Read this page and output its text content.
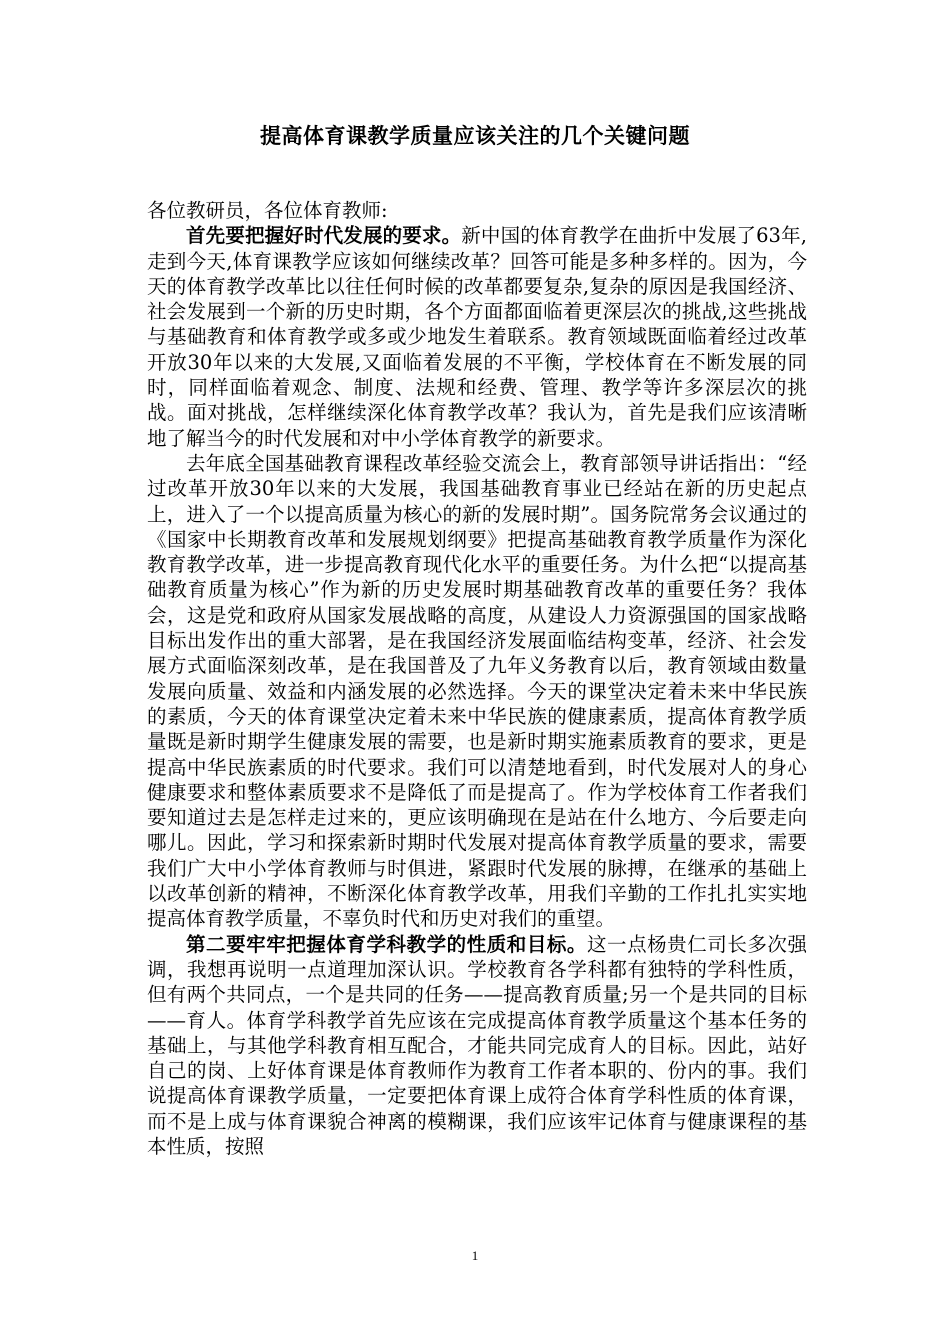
提高体育课教学质量应该关注的几个关键问题

各位教研员，各位体育教师:

首先要把握好时代发展的要求。新中国的体育教学在曲折中发展了63年,走到今天,体育课教学应该如何继续改革？回答可能是多种多样的。因为，今天的体育教学改革比以往任何时候的改革都要复杂,复杂的原因是我国经济、社会发展到一个新的历史时期，各个方面都面临着更深层次的挑战,这些挑战与基础教育和体育教学或多或少地发生着联系。教育领域既面临着经过改革开放30年以来的大发展,又面临着发展的不平衡，学校体育在不断发展的同时，同样面临着观念、制度、法规和经费、管理、教学等许多深层次的挑战。面对挑战，怎样继续深化体育教学改革？我认为，首先是我们应该清晰地了解当今的时代发展和对中小学体育教学的新要求。

去年底全国基础教育课程改革经验交流会上，教育部领导讲话指出：“经过改革开放30年以来的大发展，我国基础教育事业已经站在新的历史起点上，进入了一个以提高质量为核心的新的发展时期”。国务院常务会议通过的《国家中长期教育改革和发展规划纲要》把提高基础教育教学质量作为深化教育教学改革，进一步提高教育现代化水平的重要任务。为什么把“以提高基础教育质量为核心”作为新的历史发展时期基础教育改革的重要任务？我体会，这是党和政府从国家发展战略的高度，从建设人力资源强国的国家战略目标出发作出的重大部署，是在我国经济发展面临结构变革，经济、社会发展方式面临深刻改革，是在我国普及了九年义务教育以后，教育领域由数量发展向质量、效益和内涵发展的必然选择。今天的课堂决定着未来中华民族的素质，今天的体育课堂决定着未来中华民族的健康素质，提高体育教学质量既是新时期学生健康发展的需要，也是新时期实施素质教育的要求，更是提高中华民族素质的时代要求。我们可以清楚地看到，时代发展对人的身心健康要求和整体素质要求不是降低了而是提高了。作为学校体育工作者我们要知道过去是怎样走过来的，更应该明确现在是站在什么地方、今后要走向哪儿。因此，学习和探索新时期时代发展对提高体育教学质量的要求，需要我们广大中小学体育教师与时俱进，紧跟时代发展的脉搏，在继承的基础上以改革创新的精神，不断深化体育教学改革，用我们辛勤的工作扎扎实实地提高体育教学质量，不辜负时代和历史对我们的重望。

第二要牢牢把握体育学科教学的性质和目标。这一点杨贵仁司长多次强调，我想再说明一点道理加深认识。学校教育各学科都有独特的学科性质，但有两个共同点，一个是共同的任务——提高教育质量;另一个是共同的目标——育人。体育学科教学首先应该在完成提高体育教学质量这个基本任务的基础上，与其他学科教育相互配合，才能共同完成育人的目标。因此，站好自己的岗、上好体育课是体育教师作为教育工作者本职的、份内的事。我们说提高体育课教学质量，一定要把体育课上成符合体育学科性质的体育课，而不是上成与体育课貌合神离的模糊课，我们应该牢记体育与健康课程的基本性质，按照

1
